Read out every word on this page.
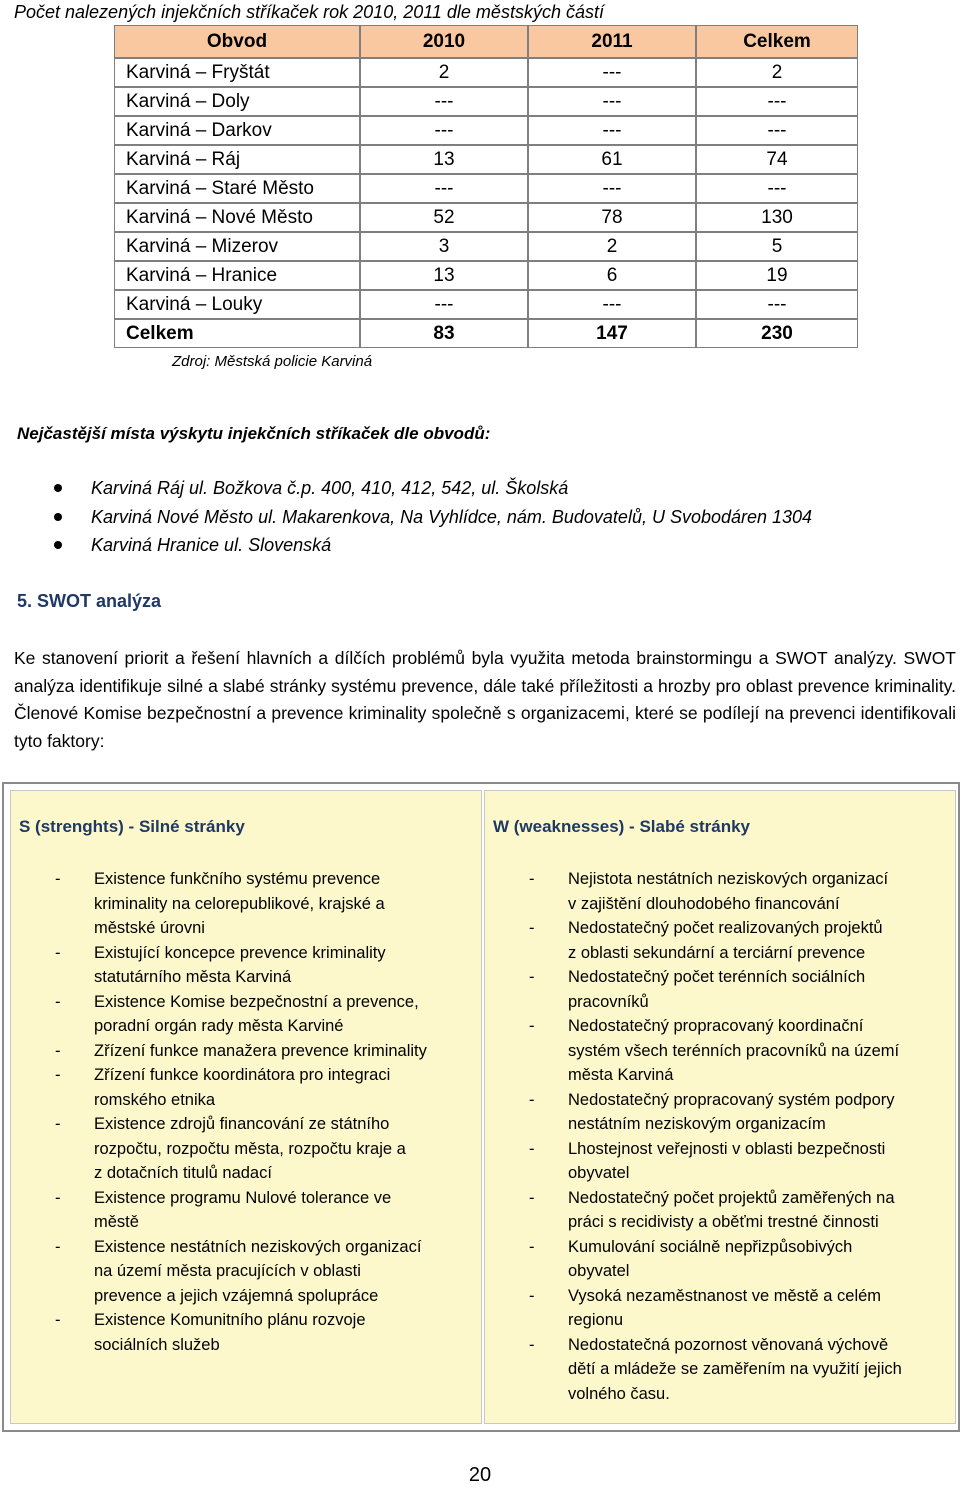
Počet nalezených injekčních stříkaček rok 2010, 2011 dle městských částí
Obvod	2010	2011	Celkem
Karviná – Fryštát	2	---	2
Karviná – Doly	---	---	---
Karviná – Darkov	---	---	---
Karviná – Ráj	13	61	74
Karviná – Staré Město	---	---	---
Karviná – Nové Město	52	78	130
Karviná – Mizerov	3	2	5
Karviná – Hranice	13	6	19
Karviná – Louky	---	---	---
Celkem	83	147	230
Zdroj: Městská policie Karviná			
Nejčastější místa výskytu injekčních stříkaček dle obvodů:
Karviná Ráj ul. Božkova č.p. 400, 410, 412, 542, ul. Školská
Karviná Nové Město ul. Makarenkova, Na Vyhlídce, nám. Budovatelů, U Svobodáren 1304
Karviná Hranice ul. Slovenská
5. SWOT analýza
Ke stanovení priorit a řešení hlavních a dílčích problémů byla využita metoda brainstormingu a SWOT analýzy. SWOT analýza identifikuje silné a slabé stránky systému prevence, dále také příležitosti a hrozby pro oblast prevence kriminality. Členové Komise bezpečnostní a prevence kriminality společně s organizacemi, které se podílejí na prevenci identifikovali tyto faktory:
S (strenghts) - Silné stránky
- Existence funkčního systému prevence
kriminality na celorepublikové, krajské a
městské úrovni
- Existující koncepce prevence kriminality
statutárního města Karviná
- Existence Komise bezpečnostní a prevence,
poradní orgán rady města Karviné
- Zřízení funkce manažera prevence kriminality
- Zřízení funkce koordinátora pro integraci
romského etnika
- Existence zdrojů financování ze státního
rozpočtu, rozpočtu města, rozpočtu kraje a
z dotačních titulů nadací
- Existence programu Nulové tolerance ve
městě
- Existence nestátních neziskových organizací
na území města pracujících v oblasti
prevence a jejich vzájemná spolupráce
- Existence Komunitního plánu rozvoje
sociálních služeb
W (weaknesses) - Slabé stránky
- Nejistota nestátních neziskových organizací
v zajištění dlouhodobého financování
- Nedostatečný počet realizovaných projektů
z oblasti sekundární a terciární prevence
- Nedostatečný počet terénních sociálních
pracovníků
- Nedostatečný propracovaný koordinační
systém všech terénních pracovníků na území
města Karviná
- Nedostatečný propracovaný systém podpory
nestátním neziskovým organizacím
- Lhostejnost veřejnosti v oblasti bezpečnosti
obyvatel
- Nedostatečný počet projektů zaměřených na
práci s recidivisty a oběťmi trestné činnosti
- Kumulování sociálně nepřizpůsobivých
obyvatel
- Vysoká nezaměstnanost ve městě a celém
regionu
- Nedostatečná pozornost věnovaná výchově
dětí a mládeže se zaměřením na využití jejich
volného času.
20
